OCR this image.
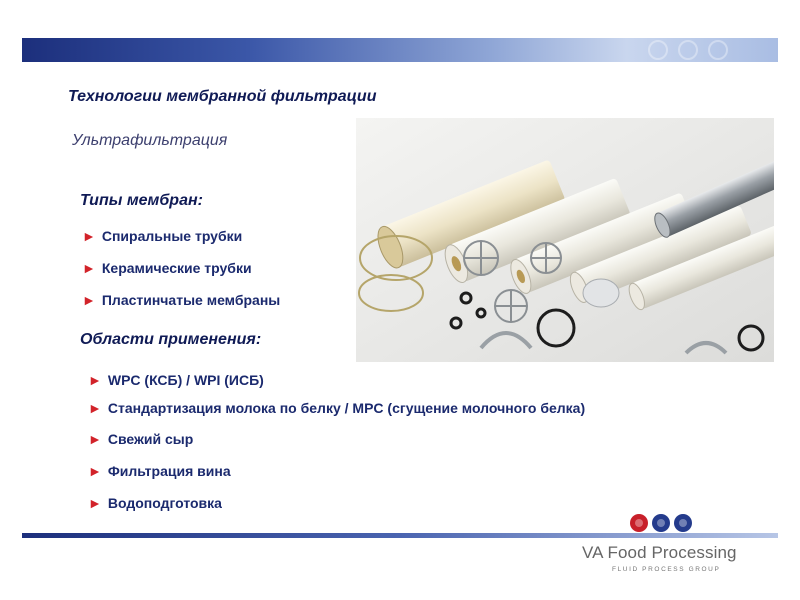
Технологии мембранной фильтрации
Ультрафильтрация
Типы мембран:
► Спиральные трубки
► Керамические трубки
► Пластинчатые мембраны
Области применения:
► WPC (КСБ) / WPI (ИСБ)
► Стандартизация молока по белку / MPC (сгущение молочного белка)
► Свежий сыр
► Фильтрация вина
► Водоподготовка
VA Food Processing
FLUID PROCESS GROUP
